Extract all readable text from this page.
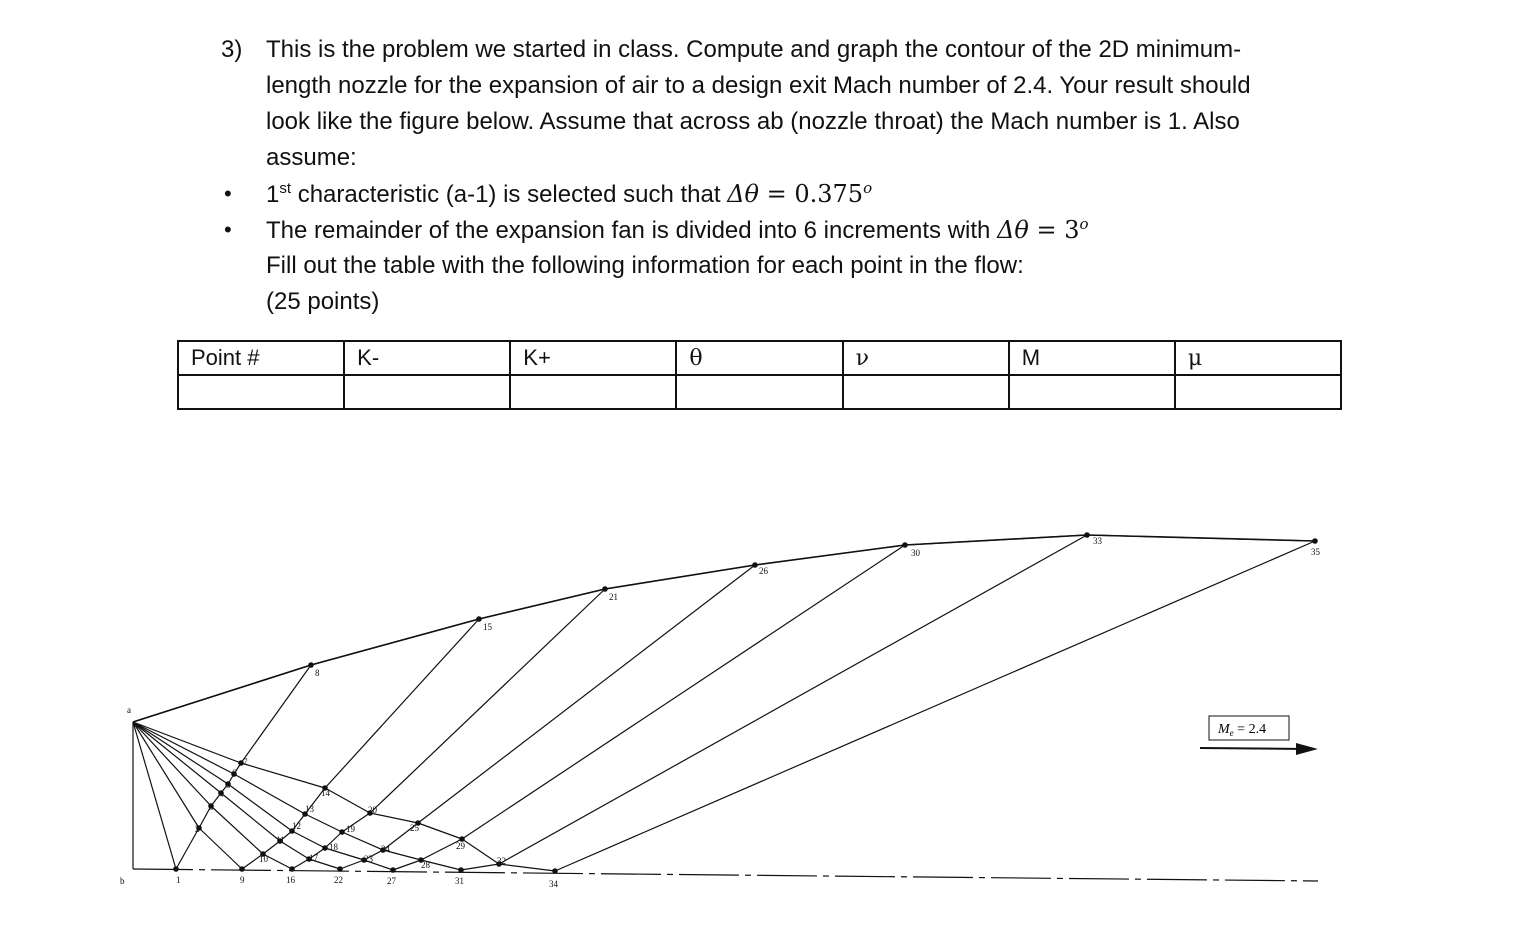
3) This is the problem we started in class. Compute and graph the contour of the 2D minimum-
length nozzle for the expansion of air to a design exit Mach number of 2.4. Your result should
look like the figure below. Assume that across ab (nozzle throat) the Mach number is 1. Also
assume:
• 1st characteristic (a-1) is selected such that $\Delta\theta = 0.375^o$
• The remainder of the expansion fan is divided into 6 increments with $\Delta\theta = 3^o$
Fill out the table with the following information for each point in the flow:
(25 points)
Point #	K-	K+	θ	ν	M	μ

1
2
3
4
5
6
7
8
9
10
11
12
13
14
15
16
17
18
19
20
21
22
23
24
25
26
27
28
29
30
31
32
33
34
35
a
b
$M_e = 2.4$
